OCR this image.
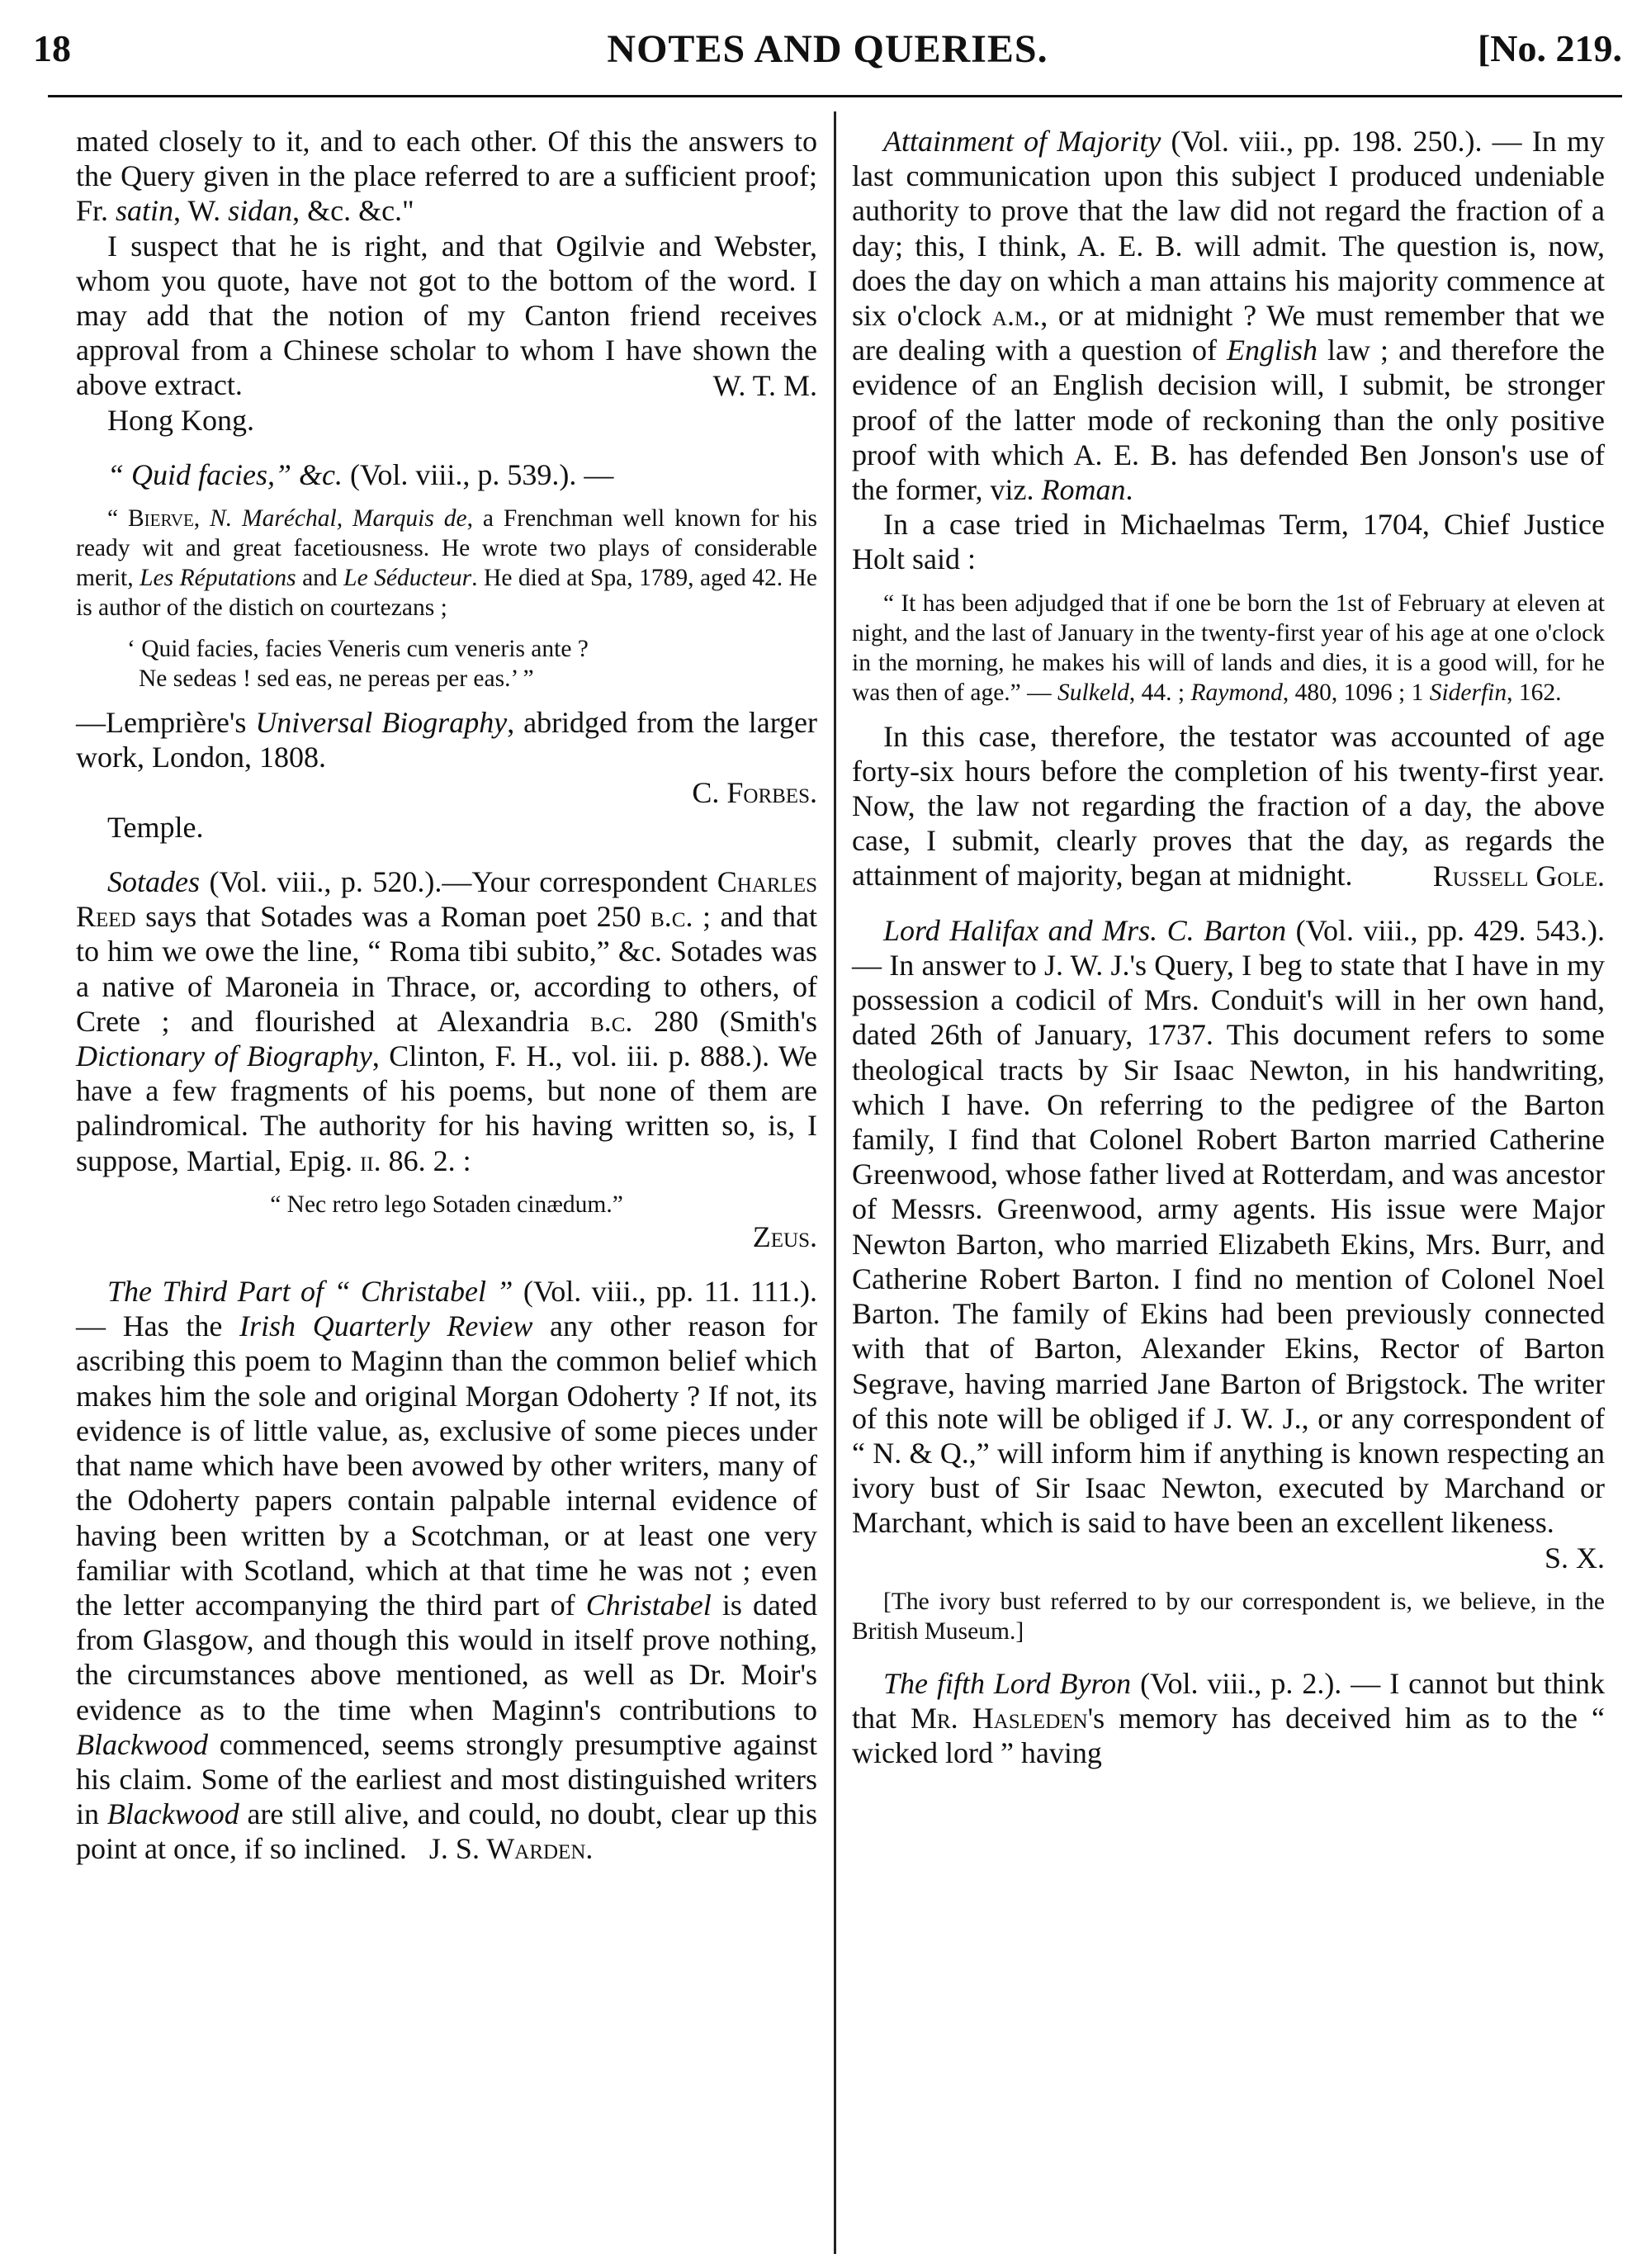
18	NOTES AND QUERIES.	[No. 219.

mated closely to it, and to each other. Of this the answers to the Query given in the place referred to are a sufficient proof; Fr. satin, W. sidan, &c. &c."

I suspect that he is right, and that Ogilvie and Webster, whom you quote, have not got to the bottom of the word. I may add that the notion of my Canton friend receives approval from a Chinese scholar to whom I have shown the above extract.	W. T. M.

Hong Kong.

“ Quid facies,” &c. (Vol. viii., p. 539.). —

“ Bierve, N. Maréchal, Marquis de, a Frenchman well known for his ready wit and great facetiousness. He wrote two plays of considerable merit, Les Réputations and Le Séducteur. He died at Spa, 1789, aged 42. He is author of the distich on courtezans ;

‘ Quid facies, facies Veneris cum veneris ante ?

Ne sedeas ! sed eas, ne pereas per eas.’ ”

—Lemprière's Universal Biography, abridged from the larger work, London, 1808.

C. Forbes.

Temple.

Sotades (Vol. viii., p. 520.).—Your correspondent Charles Reed says that Sotades was a Roman poet 250 b.c. ; and that to him we owe the line, “ Roma tibi subito,” &c. Sotades was a native of Maroneia in Thrace, or, according to others, of Crete ; and flourished at Alexandria b.c. 280 (Smith's Dictionary of Biography, Clinton, F. H., vol. iii. p. 888.). We have a few fragments of his poems, but none of them are palindromical. The authority for his having written so, is, I suppose, Martial, Epig. ii. 86. 2. :

“ Nec retro lego Sotaden cinædum.”

Zeus.

The Third Part of “ Christabel ” (Vol. viii., pp. 11. 111.). — Has the Irish Quarterly Review any other reason for ascribing this poem to Maginn than the common belief which makes him the sole and original Morgan Odoherty ? If not, its evidence is of little value, as, exclusive of some pieces under that name which have been avowed by other writers, many of the Odoherty papers contain palpable internal evidence of having been written by a Scotchman, or at least one very familiar with Scotland, which at that time he was not ; even the letter accompanying the third part of Christabel is dated from Glasgow, and though this would in itself prove nothing, the circumstances above mentioned, as well as Dr. Moir's evidence as to the time when Maginn's contributions to Blackwood commenced, seems strongly presumptive against his claim. Some of the earliest and most distinguished writers in Blackwood are still alive, and could, no doubt, clear up this point at once, if so inclined. J. S. Warden.

Attainment of Majority (Vol. viii., pp. 198. 250.). — In my last communication upon this subject I produced undeniable authority to prove that the law did not regard the fraction of a day; this, I think, A. E. B. will admit. The question is, now, does the day on which a man attains his majority commence at six o'clock a.m., or at midnight ? We must remember that we are dealing with a question of English law ; and therefore the evidence of an English decision will, I submit, be stronger proof of the latter mode of reckoning than the only positive proof with which A. E. B. has defended Ben Jonson's use of the former, viz. Roman.

In a case tried in Michaelmas Term, 1704, Chief Justice Holt said :

“ It has been adjudged that if one be born the 1st of February at eleven at night, and the last of January in the twenty-first year of his age at one o'clock in the morning, he makes his will of lands and dies, it is a good will, for he was then of age.” — Sulkeld, 44. ; Raymond, 480, 1096 ; 1 Siderfin, 162.

In this case, therefore, the testator was accounted of age forty-six hours before the completion of his twenty-first year. Now, the law not regarding the fraction of a day, the above case, I submit, clearly proves that the day, as regards the attainment of majority, began at midnight.	Russell Gole.

Lord Halifax and Mrs. C. Barton (Vol. viii., pp. 429. 543.). — In answer to J. W. J.'s Query, I beg to state that I have in my possession a codicil of Mrs. Conduit's will in her own hand, dated 26th of January, 1737. This document refers to some theological tracts by Sir Isaac Newton, in his handwriting, which I have. On referring to the pedigree of the Barton family, I find that Colonel Robert Barton married Catherine Greenwood, whose father lived at Rotterdam, and was ancestor of Messrs. Greenwood, army agents. His issue were Major Newton Barton, who married Elizabeth Ekins, Mrs. Burr, and Catherine Robert Barton. I find no mention of Colonel Noel Barton. The family of Ekins had been previously connected with that of Barton, Alexander Ekins, Rector of Barton Segrave, having married Jane Barton of Brigstock. The writer of this note will be obliged if J. W. J., or any correspondent of “ N. & Q.,” will inform him if anything is known respecting an ivory bust of Sir Isaac Newton, executed by Marchand or Marchant, which is said to have been an excellent likeness.

S. X.

[The ivory bust referred to by our correspondent is, we believe, in the British Museum.]

The fifth Lord Byron (Vol. viii., p. 2.). — I cannot but think that Mr. Hasleden's memory has deceived him as to the “ wicked lord ” having
